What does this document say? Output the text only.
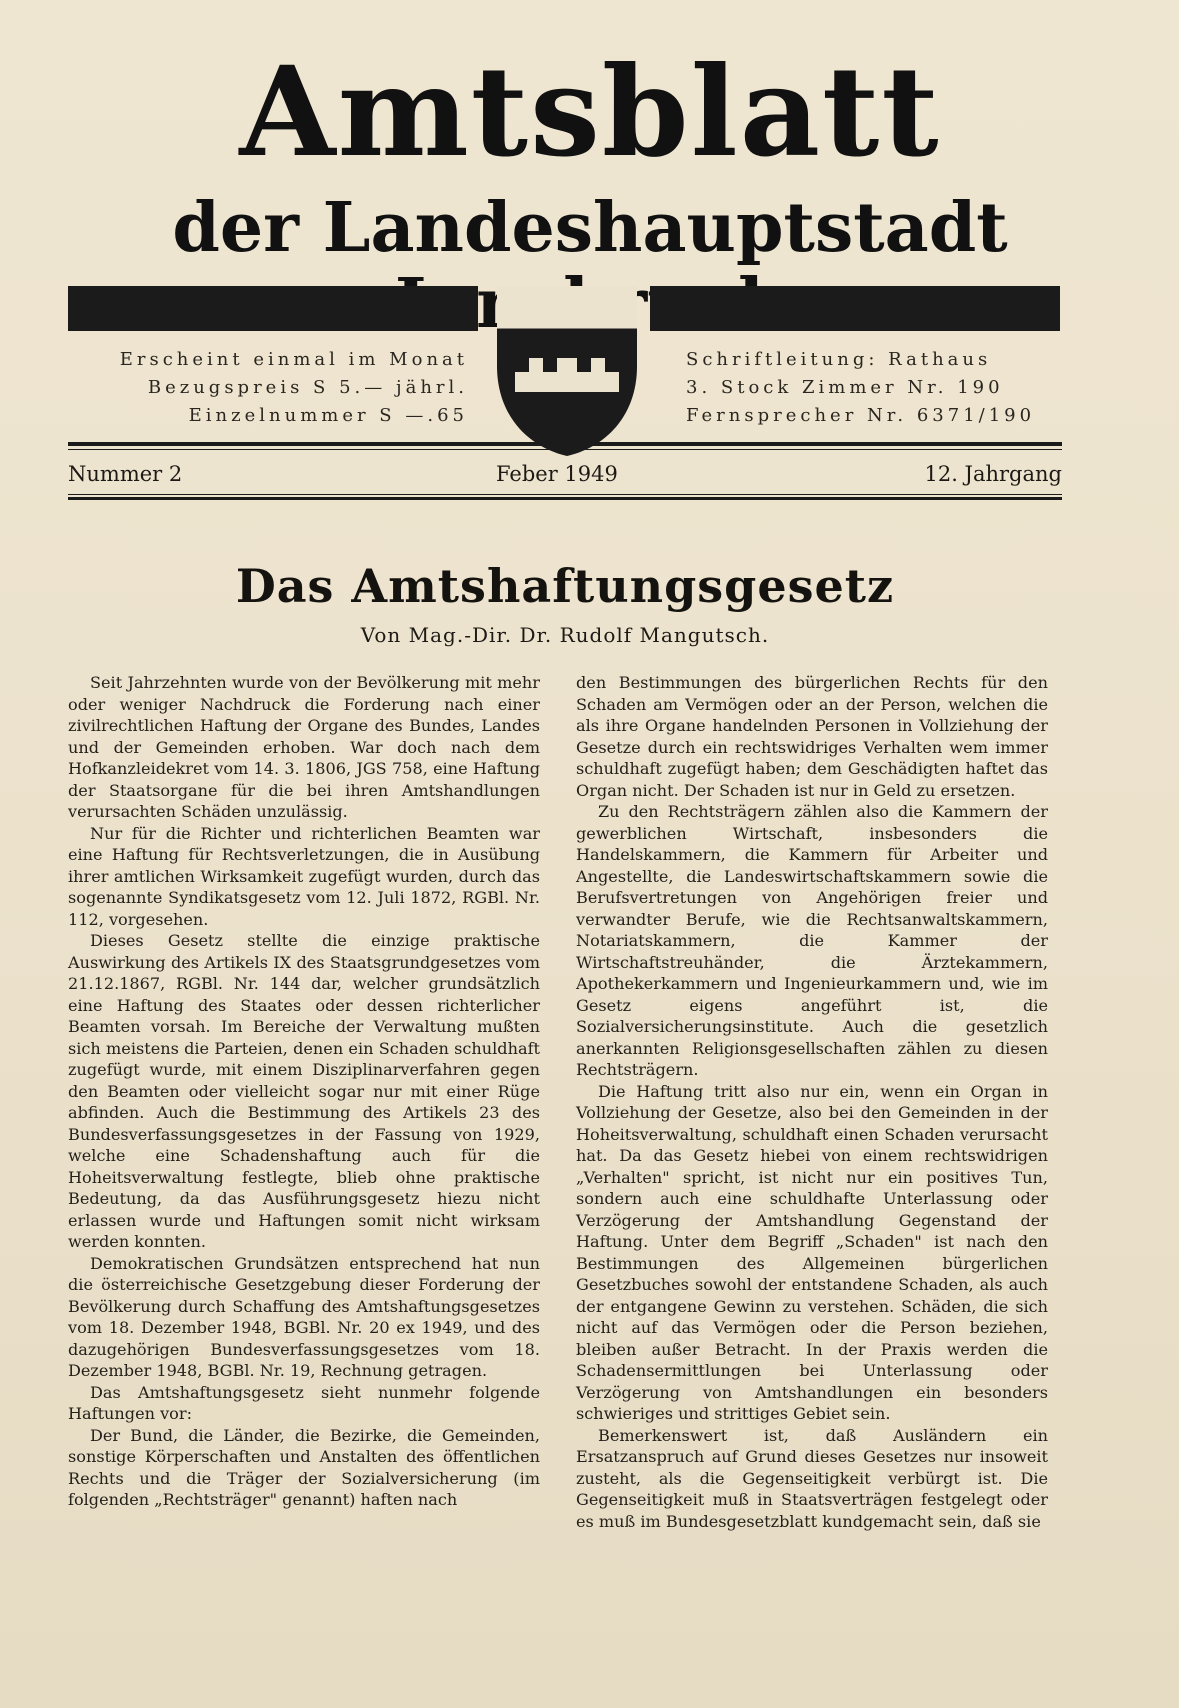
Amtsblatt
der Landeshauptstadt
Erscheint einmal im Monat
Bezugspreis S 5.— jährl.
Einzelnummer S —.65
Schriftleitung: Rathaus
3. Stock Zimmer Nr. 190
Fernsprecher Nr. 6371/190
Nummer 2	Feber 1949	12. Jahrgang
Das Amtshaftungsgesetz
Von Mag.-Dir. Dr. Rudolf Mangutsch.

Seit Jahrzehnten wurde von der Bevölkerung mit mehr oder weniger Nachdruck die Forderung nach einer zivilrechtlichen Haftung der Organe des Bundes, Landes und der Gemeinden erhoben. War doch nach dem Hofkanzleidekret vom 14. 3. 1806, JGS 758, eine Haftung der Staatsorgane für die bei ihren Amtshandlungen verursachten Schäden unzulässig.

Nur für die Richter und richterlichen Beamten war eine Haftung für Rechtsverletzungen, die in Ausübung ihrer amtlichen Wirksamkeit zugefügt wurden, durch das sogenannte Syndikatsgesetz vom 12. Juli 1872, RGBl. Nr. 112, vorgesehen.

Dieses Gesetz stellte die einzige praktische Auswirkung des Artikels IX des Staatsgrundgesetzes vom 21.12.1867, RGBl. Nr. 144 dar, welcher grundsätzlich eine Haftung des Staates oder dessen richterlicher Beamten vorsah. Im Bereiche der Verwaltung mußten sich meistens die Parteien, denen ein Schaden schuldhaft zugefügt wurde, mit einem Disziplinarverfahren gegen den Beamten oder vielleicht sogar nur mit einer Rüge abfinden. Auch die Bestimmung des Artikels 23 des Bundesverfassungsgesetzes in der Fassung von 1929, welche eine Schadenshaftung auch für die Hoheitsverwaltung festlegte, blieb ohne praktische Bedeutung, da das Ausführungsgesetz hiezu nicht erlassen wurde und Haftungen somit nicht wirksam werden konnten.

Demokratischen Grundsätzen entsprechend hat nun die österreichische Gesetzgebung dieser Forderung der Bevölkerung durch Schaffung des Amtshaftungsgesetzes vom 18. Dezember 1948, BGBl. Nr. 20 ex 1949, und des dazugehörigen Bundesverfassungsgesetzes vom 18. Dezember 1948, BGBl. Nr. 19, Rechnung getragen.

Das Amtshaftungsgesetz sieht nunmehr folgende Haftungen vor:

Der Bund, die Länder, die Bezirke, die Gemeinden, sonstige Körperschaften und Anstalten des öffentlichen Rechts und die Träger der Sozialversicherung (im folgenden „Rechtsträger" genannt) haften nach

den Bestimmungen des bürgerlichen Rechts für den Schaden am Vermögen oder an der Person, welchen die als ihre Organe handelnden Personen in Vollziehung der Gesetze durch ein rechtswidriges Verhalten wem immer schuldhaft zugefügt haben; dem Geschädigten haftet das Organ nicht. Der Schaden ist nur in Geld zu ersetzen.

Zu den Rechtsträgern zählen also die Kammern der gewerblichen Wirtschaft, insbesonders die Handelskammern, die Kammern für Arbeiter und Angestellte, die Landeswirtschaftskammern sowie die Berufsvertretungen von Angehörigen freier und verwandter Berufe, wie die Rechtsanwaltskammern, Notariatskammern, die Kammer der Wirtschaftstreuhänder, die Ärztekammern, Apothekerkammern und Ingenieurkammern und, wie im Gesetz eigens angeführt ist, die Sozialversicherungsinstitute. Auch die gesetzlich anerkannten Religionsgesellschaften zählen zu diesen Rechtsträgern.

Die Haftung tritt also nur ein, wenn ein Organ in Vollziehung der Gesetze, also bei den Gemeinden in der Hoheitsverwaltung, schuldhaft einen Schaden verursacht hat. Da das Gesetz hiebei von einem rechtswidrigen „Verhalten" spricht, ist nicht nur ein positives Tun, sondern auch eine schuldhafte Unterlassung oder Verzögerung der Amtshandlung Gegenstand der Haftung. Unter dem Begriff „Schaden" ist nach den Bestimmungen des Allgemeinen bürgerlichen Gesetzbuches sowohl der entstandene Schaden, als auch der entgangene Gewinn zu verstehen. Schäden, die sich nicht auf das Vermögen oder die Person beziehen, bleiben außer Betracht. In der Praxis werden die Schadensermittlungen bei Unterlassung oder Verzögerung von Amtshandlungen ein besonders schwieriges und strittiges Gebiet sein.

Bemerkenswert ist, daß Ausländern ein Ersatzanspruch auf Grund dieses Gesetzes nur insoweit zusteht, als die Gegenseitigkeit verbürgt ist. Die Gegenseitigkeit muß in Staatsverträgen festgelegt oder es muß im Bundesgesetzblatt kundgemacht sein, daß sie
